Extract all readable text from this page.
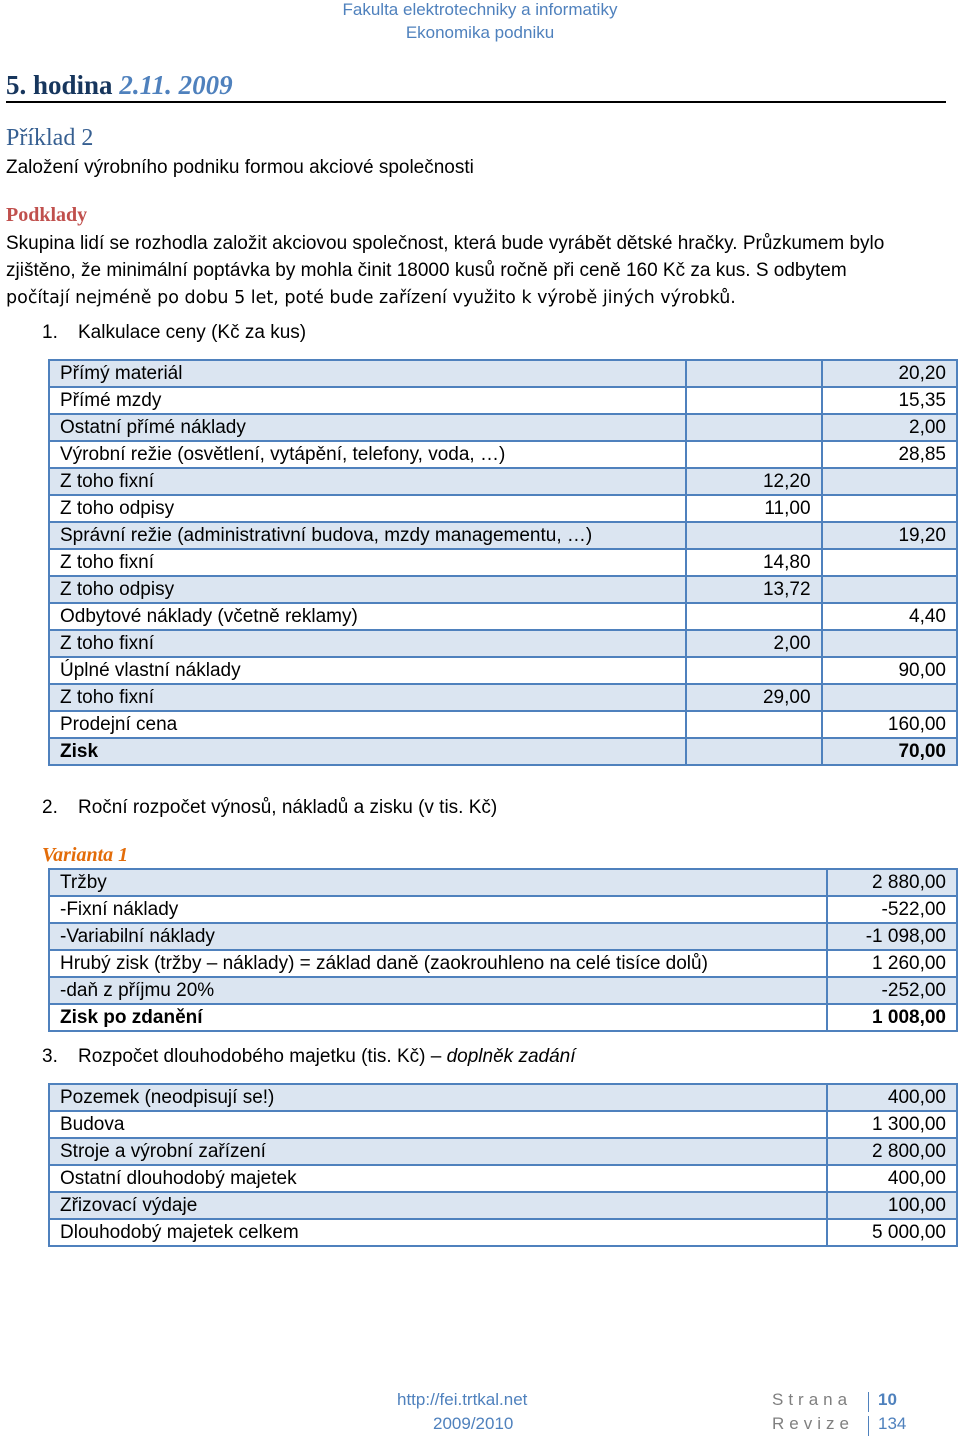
Fakulta elektrotechniky a informatiky
Ekonomika podniku
5. hodina 2.11. 2009
Příklad 2
Založení výrobního podniku formou akciové společnosti
Podklady
Skupina lidí se rozhodla založit akciovou společnost, která bude vyrábět dětské hračky. Průzkumem bylo zjištěno, že minimální poptávka by mohla činit 18000 kusů ročně při ceně 160 Kč za kus. S odbytem
počítají nejméně po dobu 5 let, poté bude zařízení využito k výrobě jiných výrobků.
1. Kalkulace ceny (Kč za kus)
Přímý materiál		20,20
Přímé mzdy		15,35
Ostatní přímé náklady		2,00
Výrobní režie (osvětlení, vytápění, telefony, voda, …)		28,85
Z toho fixní	12,20	
Z toho odpisy	11,00	
Správní režie (administrativní budova, mzdy managementu, …)		19,20
Z toho fixní	14,80	
Z toho odpisy	13,72	
Odbytové náklady (včetně reklamy)		4,40
Z toho fixní	2,00	
Úplné vlastní náklady		90,00
Z toho fixní	29,00	
Prodejní cena		160,00
Zisk		70,00
2. Roční rozpočet výnosů, nákladů a zisku (v tis. Kč)
Varianta 1
Tržby	2 880,00
-Fixní náklady	-522,00
-Variabilní náklady	-1 098,00
Hrubý zisk (tržby – náklady) = základ daně (zaokrouhleno na celé tisíce dolů)	1 260,00
-daň z příjmu 20%	-252,00
Zisk po zdanění	1 008,00
3. Rozpočet dlouhodobého majetku (tis. Kč) – doplněk zadání
Pozemek (neodpisují se!)	400,00
Budova	1 300,00
Stroje a výrobní zařízení	2 800,00
Ostatní dlouhodobý majetek	400,00
Zřizovací výdaje	100,00
Dlouhodobý majetek celkem	5 000,00
http://fei.trtkal.net
2009/2010
Strana
Revize
10
134
